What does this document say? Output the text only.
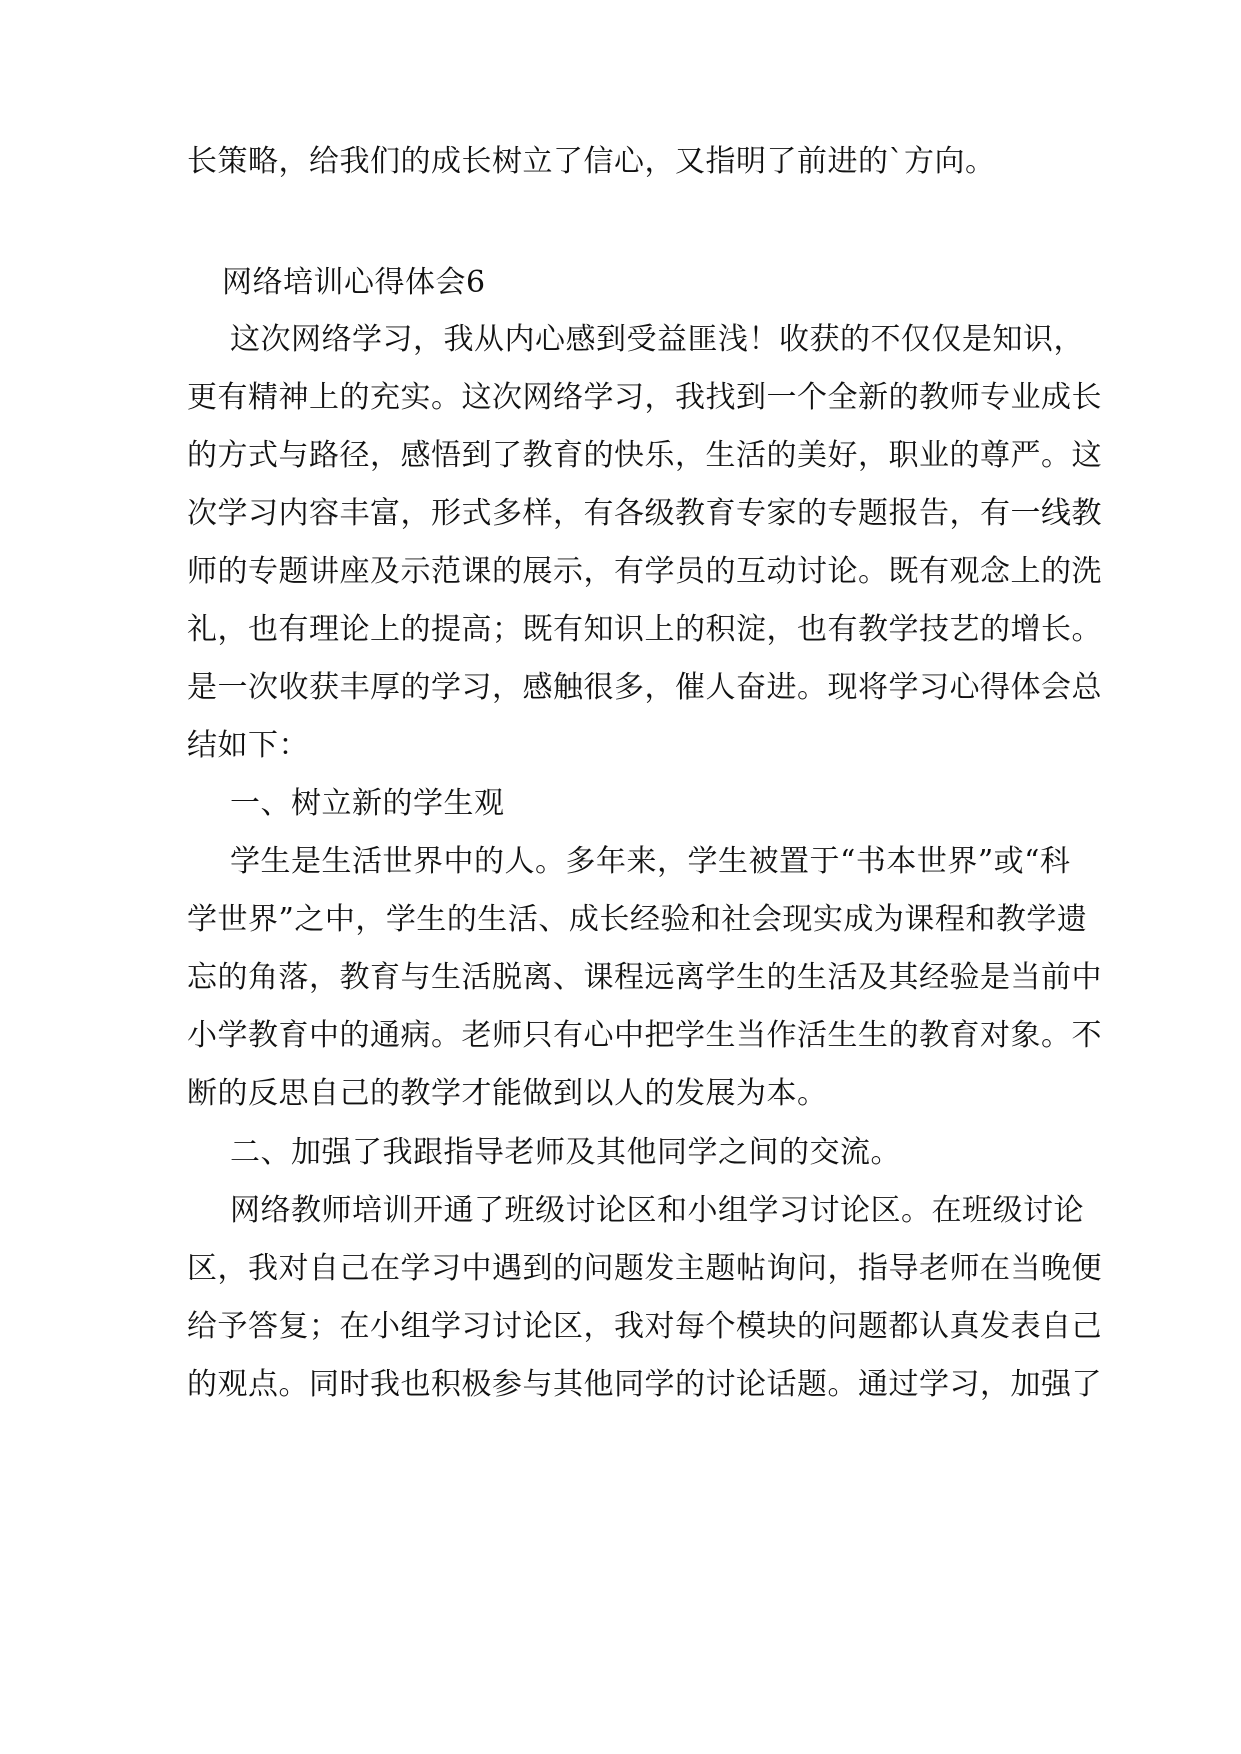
长策略，给我们的成长树立了信心，又指明了前进的`方向。
网络培训心得体会6
这次网络学习，我从内心感到受益匪浅！收获的不仅仅是知识，
更有精神上的充实。这次网络学习，我找到一个全新的教师专业成长
的方式与路径，感悟到了教育的快乐，生活的美好，职业的尊严。这
次学习内容丰富，形式多样，有各级教育专家的专题报告，有一线教
师的专题讲座及示范课的展示，有学员的互动讨论。既有观念上的洗
礼，也有理论上的提高；既有知识上的积淀，也有教学技艺的增长。
是一次收获丰厚的学习，感触很多，催人奋进。现将学习心得体会总
结如下：
一、树立新的学生观
学生是生活世界中的人。多年来，学生被置于“书本世界”或“科
学世界”之中，学生的生活、成长经验和社会现实成为课程和教学遗
忘的角落，教育与生活脱离、课程远离学生的生活及其经验是当前中
小学教育中的通病。老师只有心中把学生当作活生生的教育对象。不
断的反思自己的教学才能做到以人的发展为本。
二、加强了我跟指导老师及其他同学之间的交流。
网络教师培训开通了班级讨论区和小组学习讨论区。在班级讨论
区，我对自己在学习中遇到的问题发主题帖询问，指导老师在当晚便
给予答复；在小组学习讨论区，我对每个模块的问题都认真发表自己
的观点。同时我也积极参与其他同学的讨论话题。通过学习，加强了
